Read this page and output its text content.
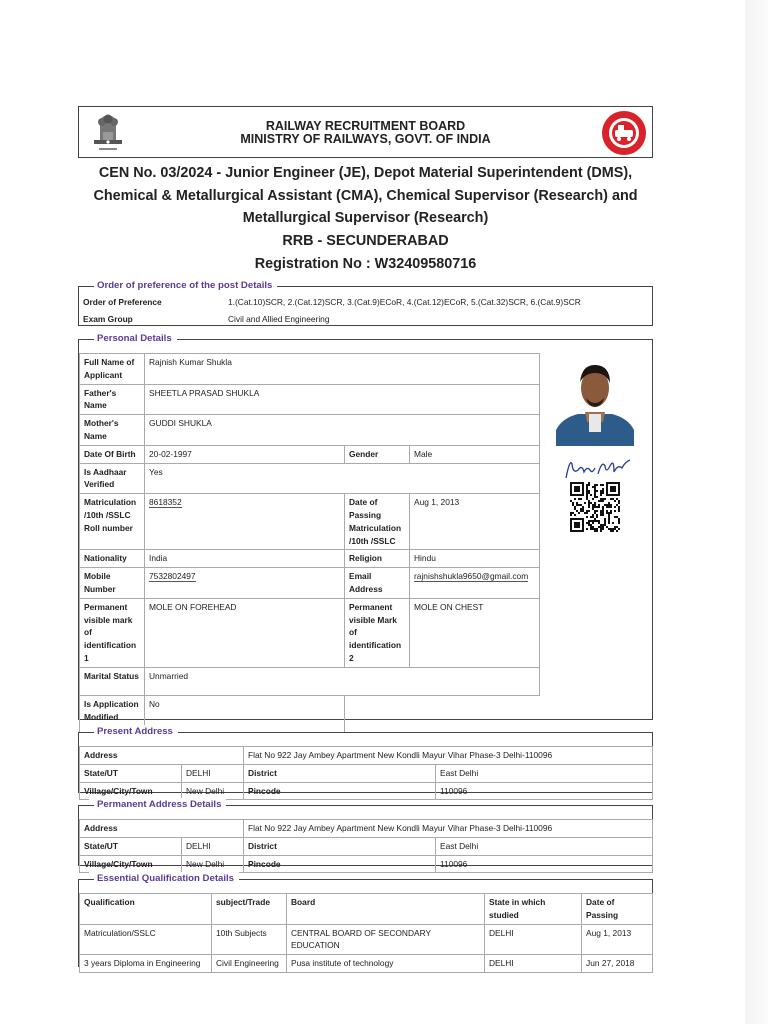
RAILWAY RECRUITMENT BOARD
MINISTRY OF RAILWAYS, GOVT. OF INDIA
CEN No. 03/2024 - Junior Engineer (JE), Depot Material Superintendent (DMS),
Chemical & Metallurgical Assistant (CMA), Chemical Supervisor (Research) and
Metallurgical Supervisor (Research)
RRB - SECUNDERABAD
Registration No : W32409580716
Order of preference of the post Details
Order of Preference	1.(Cat.10)SCR, 2.(Cat.12)SCR, 3.(Cat.9)ECoR, 4.(Cat.12)ECoR, 5.(Cat.32)SCR, 6.(Cat.9)SCR
Exam Group	Civil and Allied Engineering
Personal Details
Full Name of Applicant	Rajnish Kumar Shukla		
Father's Name	SHEETLA PRASAD SHUKLA		
Mother's Name	GUDDI SHUKLA		
Date Of Birth	20-02-1997	Gender	Male
Is Aadhaar Verified	Yes		
Matriculation /10th /SSLC Roll number	8618352	Date of Passing Matriculation /10th /SSLC	Aug 1, 2013
Nationality	India	Religion	Hindu
Mobile Number	7532802497	Email Address	rajnishshukla9650@gmail.com
Permanent visible mark of identification 1	MOLE ON FOREHEAD	Permanent visible Mark of identification 2	MOLE ON CHEST
Marital Status	Unmarried		
Is Application Modified	No		
Present Address
Address		Flat No 922 Jay Ambey Apartment New Kondli Mayur Vihar Phase-3 Delhi-110096	
State/UT	DELHI	District	East Delhi
Village/City/Town	New Delhi	Pincode	110096
Permanent Address Details
Address		Flat No 922 Jay Ambey Apartment New Kondli Mayur Vihar Phase-3 Delhi-110096	
State/UT	DELHI	District	East Delhi
Village/City/Town	New Delhi	Pincode	110096
Essential Qualification Details
Qualification	subject/Trade	Board	State in which studied	Date of Passing
Matriculation/SSLC	10th Subjects	CENTRAL BOARD OF SECONDARY EDUCATION	DELHI	Aug 1, 2013
3 years Diploma in Engineering	Civil Engineering	Pusa institute of technology	DELHI	Jun 27, 2018
